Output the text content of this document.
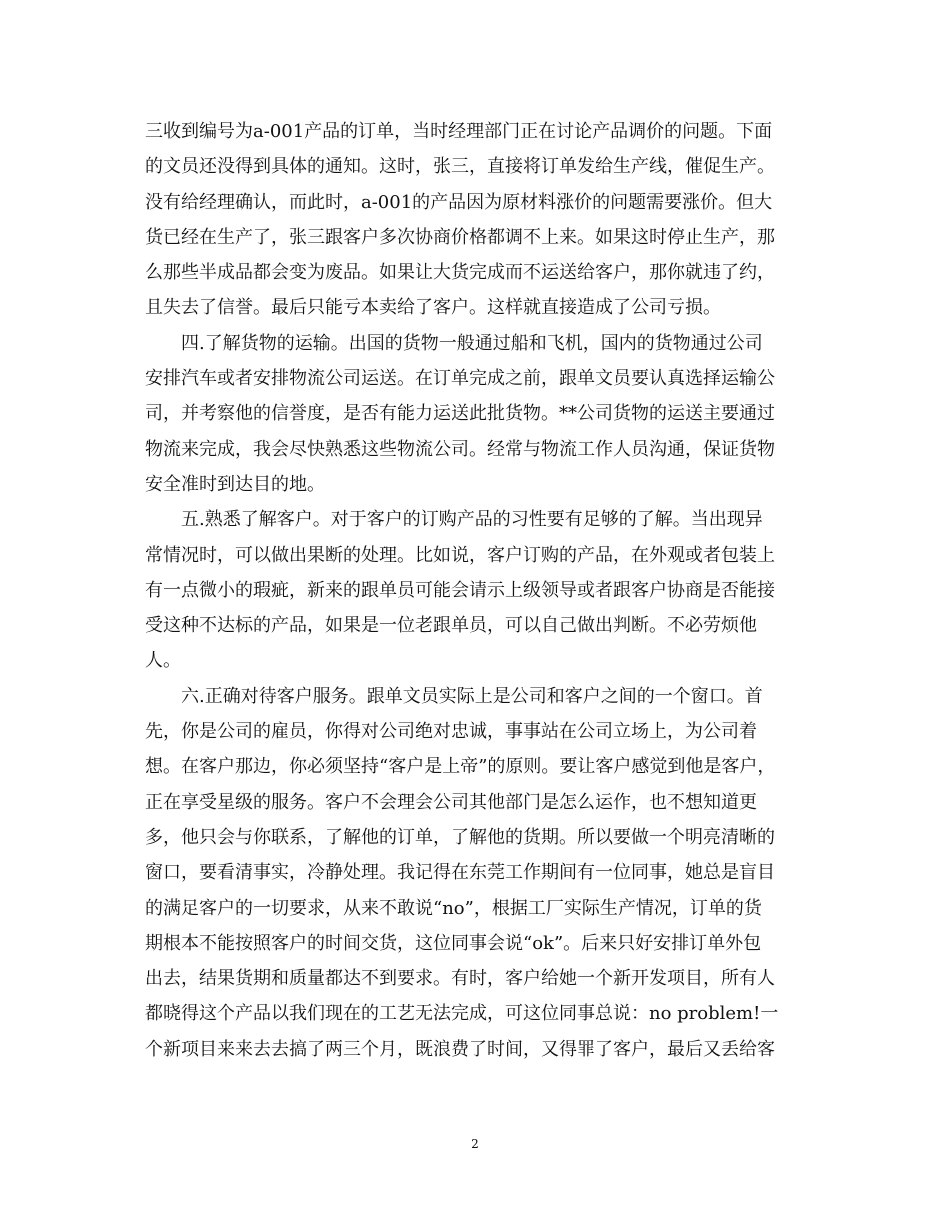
三收到编号为a-001产品的订单，当时经理部门正在讨论产品调价的问题。下面
的文员还没得到具体的通知。这时，张三，直接将订单发给生产线，催促生产。
没有给经理确认，而此时，a-001的产品因为原材料涨价的问题需要涨价。但大
货已经在生产了，张三跟客户多次协商价格都调不上来。如果这时停止生产，那
么那些半成品都会变为废品。如果让大货完成而不运送给客户，那你就违了约，
且失去了信誉。最后只能亏本卖给了客户。这样就直接造成了公司亏损。
四.了解货物的运输。出国的货物一般通过船和飞机，国内的货物通过公司
安排汽车或者安排物流公司运送。在订单完成之前，跟单文员要认真选择运输公
司，并考察他的信誉度，是否有能力运送此批货物。**公司货物的运送主要通过
物流来完成，我会尽快熟悉这些物流公司。经常与物流工作人员沟通，保证货物
安全准时到达目的地。
五.熟悉了解客户。对于客户的订购产品的习性要有足够的了解。当出现异
常情况时，可以做出果断的处理。比如说，客户订购的产品，在外观或者包装上
有一点微小的瑕疵，新来的跟单员可能会请示上级领导或者跟客户协商是否能接
受这种不达标的产品，如果是一位老跟单员，可以自己做出判断。不必劳烦他
人。
六.正确对待客户服务。跟单文员实际上是公司和客户之间的一个窗口。首
先，你是公司的雇员，你得对公司绝对忠诚，事事站在公司立场上，为公司着
想。在客户那边，你必须坚持“客户是上帝”的原则。要让客户感觉到他是客户，
正在享受星级的服务。客户不会理会公司其他部门是怎么运作，也不想知道更
多，他只会与你联系，了解他的订单，了解他的货期。所以要做一个明亮清晰的
窗口，要看清事实，冷静处理。我记得在东莞工作期间有一位同事，她总是盲目
的满足客户的一切要求，从来不敢说“no”，根据工厂实际生产情况，订单的货
期根本不能按照客户的时间交货，这位同事会说“ok”。后来只好安排订单外包
出去，结果货期和质量都达不到要求。有时，客户给她一个新开发项目，所有人
都晓得这个产品以我们现在的工艺无法完成，可这位同事总说：no problem!一
个新项目来来去去搞了两三个月，既浪费了时间，又得罪了客户，最后又丢给客
2
